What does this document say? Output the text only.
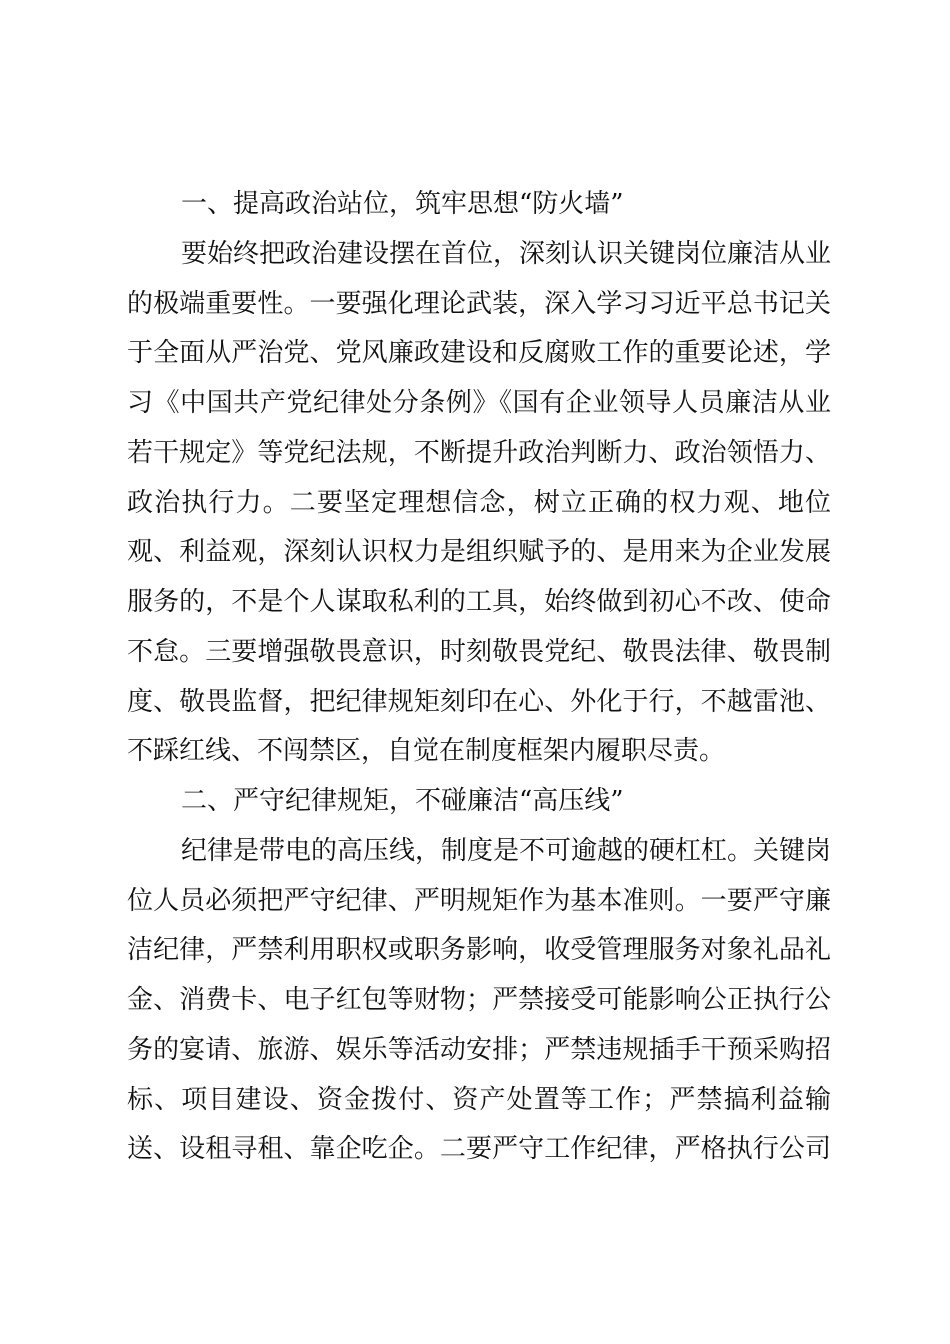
一、提高政治站位，筑牢思想“防火墙”
要始终把政治建设摆在首位，深刻认识关键岗位廉洁从业
的极端重要性。一要强化理论武装，深入学习习近平总书记关
于全面从严治党、党风廉政建设和反腐败工作的重要论述，学
习《中国共产党纪律处分条例》《国有企业领导人员廉洁从业
若干规定》等党纪法规，不断提升政治判断力、政治领悟力、
政治执行力。二要坚定理想信念，树立正确的权力观、地位
观、利益观，深刻认识权力是组织赋予的、是用来为企业发展
服务的，不是个人谋取私利的工具，始终做到初心不改、使命
不怠。三要增强敬畏意识，时刻敬畏党纪、敬畏法律、敬畏制
度、敬畏监督，把纪律规矩刻印在心、外化于行，不越雷池、
不踩红线、不闯禁区，自觉在制度框架内履职尽责。
二、严守纪律规矩，不碰廉洁“高压线”
纪律是带电的高压线，制度是不可逾越的硬杠杠。关键岗
位人员必须把严守纪律、严明规矩作为基本准则。一要严守廉
洁纪律，严禁利用职权或职务影响，收受管理服务对象礼品礼
金、消费卡、电子红包等财物；严禁接受可能影响公正执行公
务的宴请、旅游、娱乐等活动安排；严禁违规插手干预采购招
标、项目建设、资金拨付、资产处置等工作；严禁搞利益输
送、设租寻租、靠企吃企。二要严守工作纪律，严格执行公司
